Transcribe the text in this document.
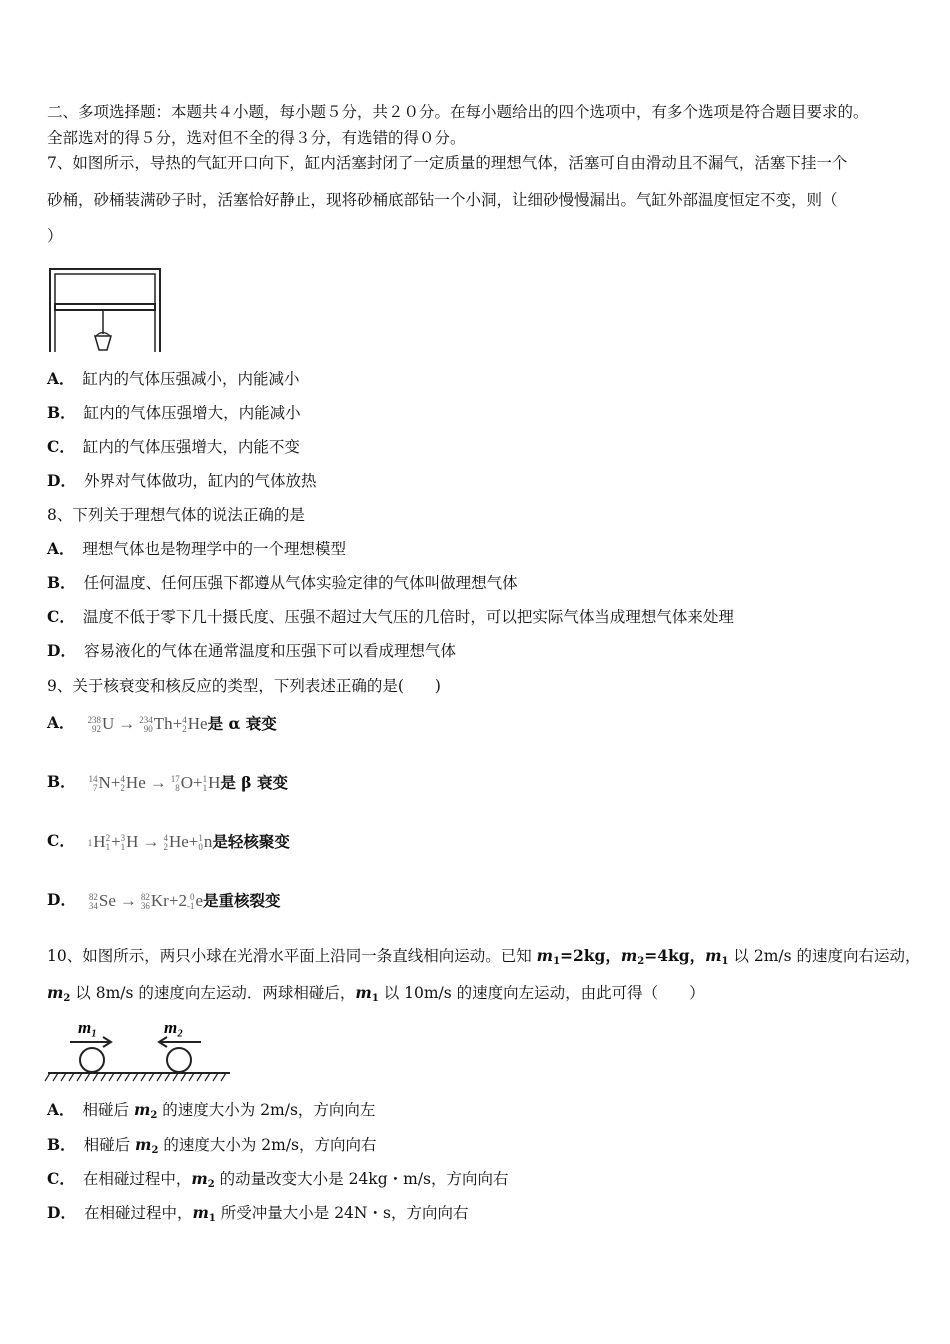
二、多项选择题：本题共４小题，每小题５分，共２０分。在每小题给出的四个选项中，有多个选项是符合题目要求的。
全部选对的得５分，选对但不全的得３分，有选错的得０分。
7、如图所示，导热的气缸开口向下，缸内活塞封闭了一定质量的理想气体，活塞可自由滑动且不漏气，活塞下挂一个
砂桶，砂桶装满砂子时，活塞恰好静止，现将砂桶底部钻一个小洞，让细砂慢慢漏出。气缸外部温度恒定不变，则（
）
A． 缸内的气体压强减小，内能减小
B． 缸内的气体压强增大，内能减小
C． 缸内的气体压强增大，内能不变
D． 外界对气体做功，缸内的气体放热
8、下列关于理想气体的说法正确的是
A． 理想气体也是物理学中的一个理想模型
B． 任何温度、任何压强下都遵从气体实验定律的气体叫做理想气体
C． 温度不低于零下几十摄氏度、压强不超过大气压的几倍时，可以把实际气体当成理想气体来处理
D． 容易液化的气体在通常温度和压强下可以看成理想气体
9、关于核衰变和核反应的类型，下列表述正确的是(　　)
A． 238
92 U → 234
90 Th+ 4
2 He是 α 衰变
B． 14
7 N+ 4
2 He → 17
8 O+ 1
1 H是 β 衰变
C． 1 H 2
1 + 3
1 H → 4
2 He+ 1
0 n是轻核聚变
D． 82
34 Se → 82
36 Kr+2 0
-1 e是重核裂变
10、如图所示，两只小球在光滑水平面上沿同一条直线相向运动。已知 $m_1=2kg$，$m_2=4kg$，$m_1$ 以 2m/s 的速度向右运动，
$m_2$ 以 8m/s 的速度向左运动．两球相碰后，$m_1$ 以 10m/s 的速度向左运动，由此可得（　　）
m₁	m₂
A． 相碰后 $m_2$ 的速度大小为 2m/s，方向向左
B． 相碰后 $m_2$ 的速度大小为 2m/s，方向向右
C． 在相碰过程中，$m_2$ 的动量改变大小是 24kg・m/s，方向向右
D． 在相碰过程中，$m_1$ 所受冲量大小是 24N・s，方向向右
